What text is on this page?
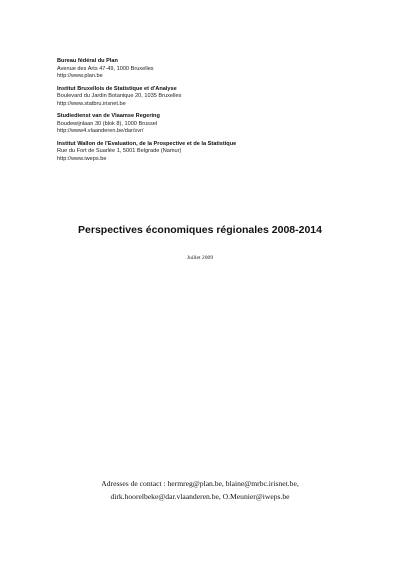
Bureau fédéral du Plan
Avenue des Arts 47-49, 1000 Bruxelles
http://www.plan.be
Institut Bruxellois de Statistique et d'Analyse
Boulevard du Jardin Botanique 20, 1035 Bruxelles
http://www.statbru.irisnet.be
Studiedienst van de Vlaamse Regering
Boudewijnlaan 30 (blok 8), 1000 Brussel
http://www4.vlaanderen.be/dar/svr/
Institut Wallon de l'Evaluation, de la Prospective et de la Statistique
Rue du Fort de Suarlée 1, 5001 Belgrade (Namur)
http://www.iweps.be
Perspectives économiques régionales 2008-2014
Juillet 2009
Adresses de contact : hermreg@plan.be, blaine@mrbc.irisnet.be,
dirk.hoorelbeke@dar.vlaanderen.be, O.Meunier@iweps.be
